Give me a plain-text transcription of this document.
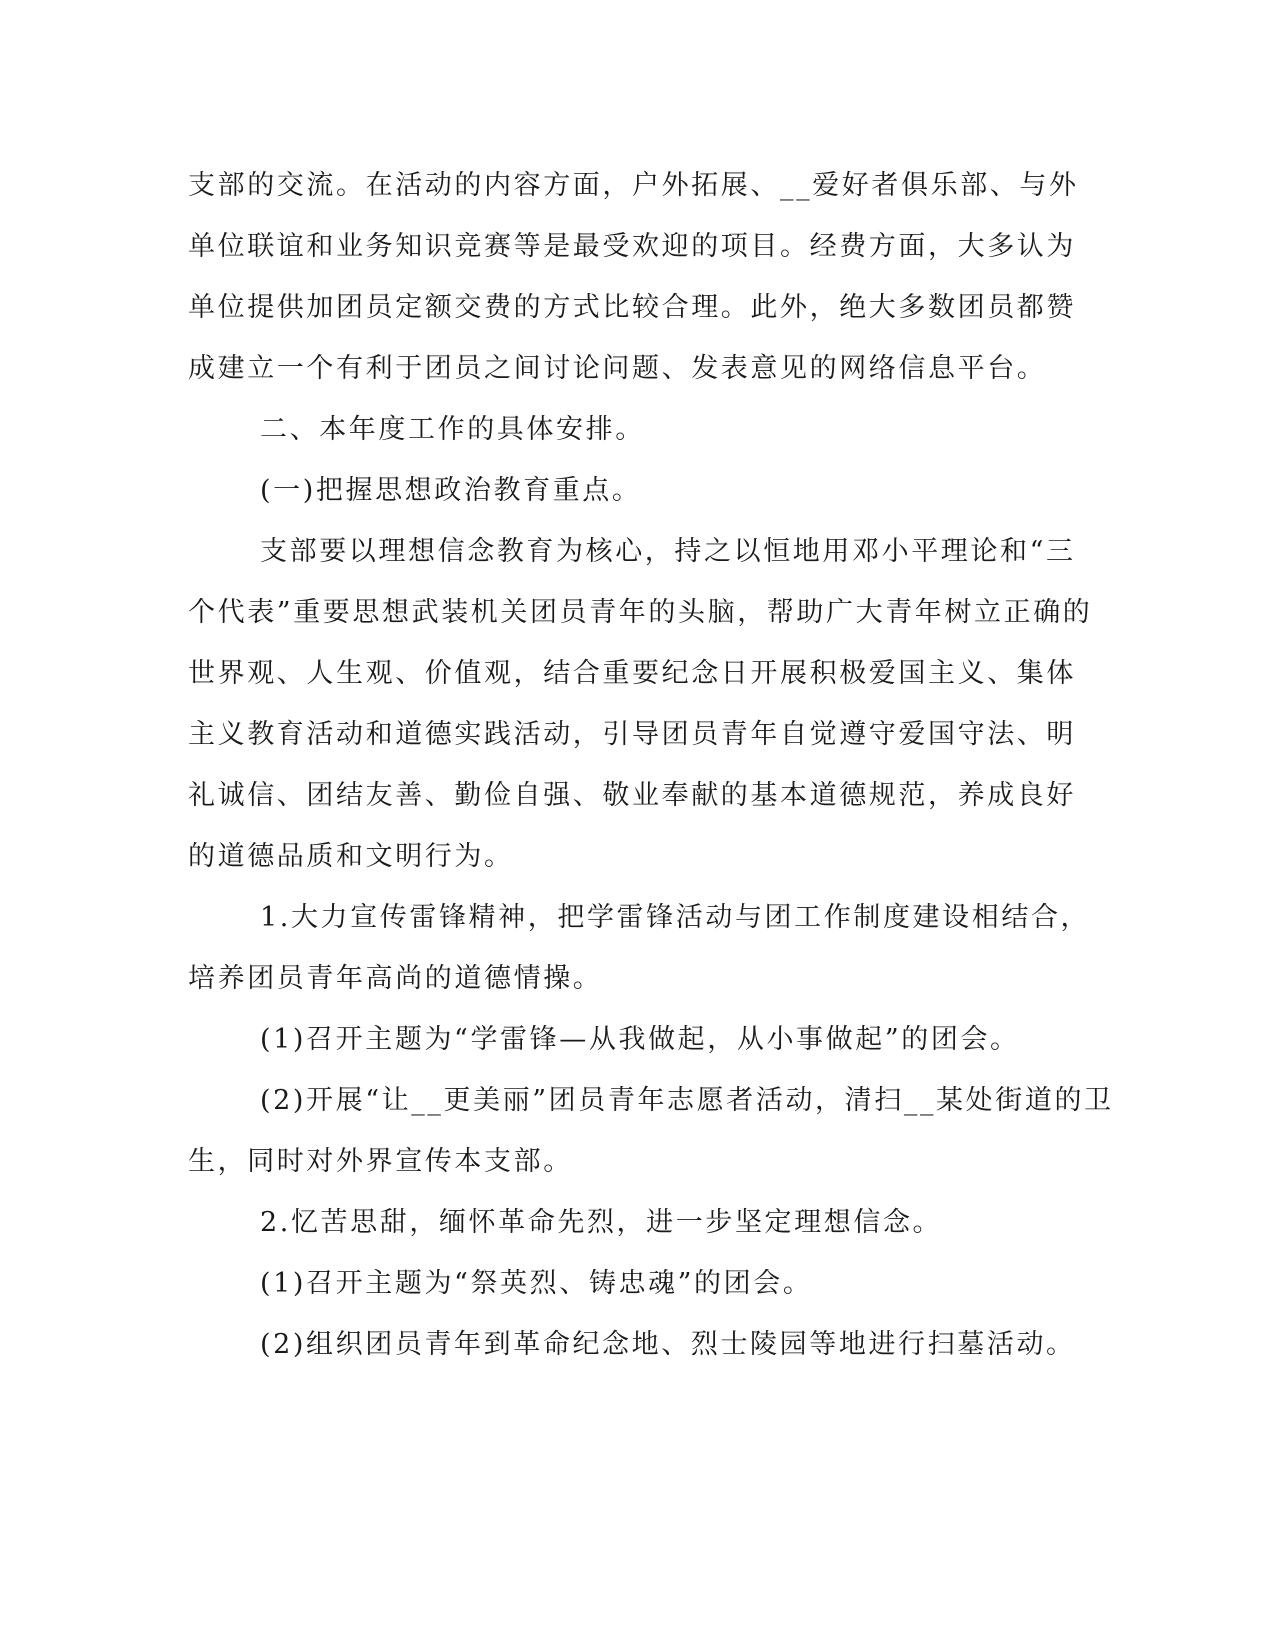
支部的交流。在活动的内容方面，户外拓展、__爱好者俱乐部、与外
单位联谊和业务知识竞赛等是最受欢迎的项目。经费方面，大多认为
单位提供加团员定额交费的方式比较合理。此外，绝大多数团员都赞
成建立一个有利于团员之间讨论问题、发表意见的网络信息平台。
二、本年度工作的具体安排。
(一)把握思想政治教育重点。
支部要以理想信念教育为核心，持之以恒地用邓小平理论和“三
个代表”重要思想武装机关团员青年的头脑，帮助广大青年树立正确的
世界观、人生观、价值观，结合重要纪念日开展积极爱国主义、集体
主义教育活动和道德实践活动，引导团员青年自觉遵守爱国守法、明
礼诚信、团结友善、勤俭自强、敬业奉献的基本道德规范，养成良好
的道德品质和文明行为。
1.大力宣传雷锋精神，把学雷锋活动与团工作制度建设相结合，
培养团员青年高尚的道德情操。
(1)召开主题为“学雷锋—从我做起，从小事做起”的团会。
(2)开展“让__更美丽”团员青年志愿者活动，清扫__某处街道的卫
生，同时对外界宣传本支部。
2.忆苦思甜，缅怀革命先烈，进一步坚定理想信念。
(1)召开主题为“祭英烈、铸忠魂”的团会。
(2)组织团员青年到革命纪念地、烈士陵园等地进行扫墓活动。
